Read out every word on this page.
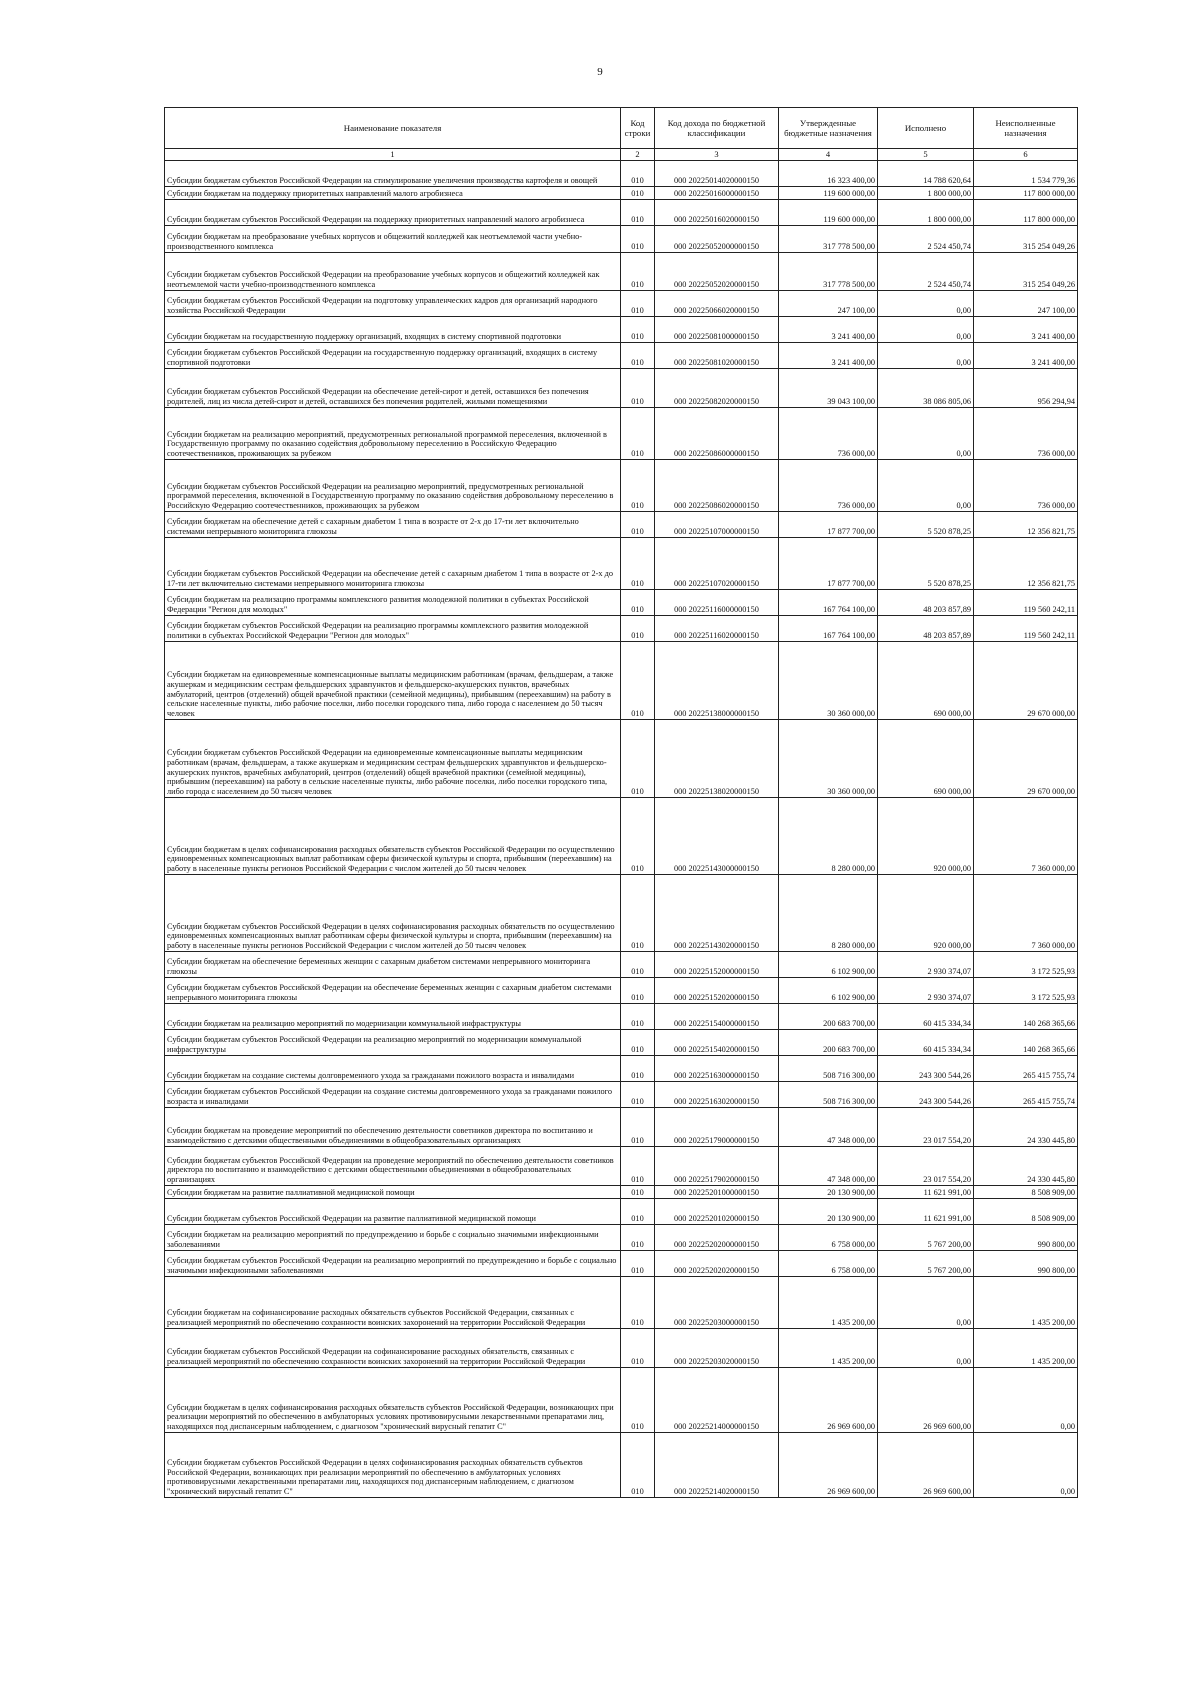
9
Наименование показателя	Код строки	Код дохода по бюджетной классификации	Утвержденные бюджетные назначения	Исполнено	Неисполненные назначения
1	2	3	4	5	6
Субсидии бюджетам субъектов Российской Федерации на стимулирование увеличения производства картофеля и овощей	010	000 20225014020000150	16 323 400,00	14 788 620,64	1 534 779,36
Субсидии бюджетам на поддержку приоритетных направлений малого агробизнеса	010	000 20225016000000150	119 600 000,00	1 800 000,00	117 800 000,00
Субсидии бюджетам субъектов Российской Федерации на поддержку приоритетных направлений малого агробизнеса	010	000 20225016020000150	119 600 000,00	1 800 000,00	117 800 000,00
Субсидии бюджетам на преобразование учебных корпусов и общежитий колледжей как неотъемлемой части учебно-производственного комплекса	010	000 20225052000000150	317 778 500,00	2 524 450,74	315 254 049,26
Субсидии бюджетам субъектов Российской Федерации на преобразование учебных корпусов и общежитий колледжей как неотъемлемой части учебно-производственного комплекса	010	000 20225052020000150	317 778 500,00	2 524 450,74	315 254 049,26
Субсидии бюджетам субъектов Российской Федерации на подготовку управленческих кадров для организаций народного хозяйства Российской Федерации	010	000 20225066020000150	247 100,00	0,00	247 100,00
Субсидии бюджетам на государственную поддержку организаций, входящих в систему спортивной подготовки	010	000 20225081000000150	3 241 400,00	0,00	3 241 400,00
Субсидии бюджетам субъектов Российской Федерации на государственную поддержку организаций, входящих в систему спортивной подготовки	010	000 20225081020000150	3 241 400,00	0,00	3 241 400,00
Субсидии бюджетам субъектов Российской Федерации на обеспечение детей-сирот и детей, оставшихся без попечения родителей, лиц из числа детей-сирот и детей, оставшихся без попечения родителей, жилыми помещениями	010	000 20225082020000150	39 043 100,00	38 086 805,06	956 294,94
Субсидии бюджетам на реализацию мероприятий, предусмотренных региональной программой переселения, включенной в Государственную программу по оказанию содействия добровольному переселению в Российскую Федерацию соотечественников, проживающих за рубежом	010	000 20225086000000150	736 000,00	0,00	736 000,00
Субсидии бюджетам субъектов Российской Федерации на реализацию мероприятий, предусмотренных региональной программой переселения, включенной в Государственную программу по оказанию содействия добровольному переселению в Российскую Федерацию соотечественников, проживающих за рубежом	010	000 20225086020000150	736 000,00	0,00	736 000,00
Субсидии бюджетам на обеспечение детей с сахарным диабетом 1 типа в возрасте от 2-х до 17-ти лет включительно системами непрерывного мониторинга глюкозы	010	000 20225107000000150	17 877 700,00	5 520 878,25	12 356 821,75
Субсидии бюджетам субъектов Российской Федерации на обеспечение детей с сахарным диабетом 1 типа в возрасте от 2-х до 17-ти лет включительно системами непрерывного мониторинга глюкозы	010	000 20225107020000150	17 877 700,00	5 520 878,25	12 356 821,75
Субсидии бюджетам на реализацию программы комплексного развития молодежной политики в субъектах Российской Федерации "Регион для молодых"	010	000 20225116000000150	167 764 100,00	48 203 857,89	119 560 242,11
Субсидии бюджетам субъектов Российской Федерации на реализацию программы комплексного развития молодежной политики в субъектах Российской Федерации "Регион для молодых"	010	000 20225116020000150	167 764 100,00	48 203 857,89	119 560 242,11
Субсидии бюджетам на единовременные компенсационные выплаты медицинским работникам (врачам, фельдшерам, а также акушеркам и медицинским сестрам фельдшерских здравпунктов и фельдшерско-акушерских пунктов, врачебных амбулаторий, центров (отделений) общей врачебной практики (семейной медицины), прибывшим (переехавшим) на работу в сельские населенные пункты, либо рабочие поселки, либо поселки городского типа, либо города с населением до 50 тысяч человек	010	000 20225138000000150	30 360 000,00	690 000,00	29 670 000,00
Субсидии бюджетам субъектов Российской Федерации на единовременные компенсационные выплаты медицинским работникам (врачам, фельдшерам, а также акушеркам и медицинским сестрам фельдшерских здравпунктов и фельдшерско-акушерских пунктов, врачебных амбулаторий, центров (отделений) общей врачебной практики (семейной медицины), прибывшим (переехавшим) на работу в сельские населенные пункты, либо рабочие поселки, либо поселки городского типа, либо города с населением до 50 тысяч человек	010	000 20225138020000150	30 360 000,00	690 000,00	29 670 000,00
Субсидии бюджетам в целях софинансирования расходных обязательств субъектов Российской Федерации по осуществлению единовременных компенсационных выплат работникам сферы физической культуры и спорта, прибывшим (переехавшим) на работу в населенные пункты регионов Российской Федерации с числом жителей до 50 тысяч человек	010	000 20225143000000150	8 280 000,00	920 000,00	7 360 000,00
Субсидии бюджетам субъектов Российской Федерации в целях софинансирования расходных обязательств по осуществлению единовременных компенсационных выплат работникам сферы физической культуры и спорта, прибывшим (переехавшим) на работу в населенные пункты регионов Российской Федерации с числом жителей до 50 тысяч человек	010	000 20225143020000150	8 280 000,00	920 000,00	7 360 000,00
Субсидии бюджетам на обеспечение беременных женщин с сахарным диабетом системами непрерывного мониторинга глюкозы	010	000 20225152000000150	6 102 900,00	2 930 374,07	3 172 525,93
Субсидии бюджетам субъектов Российской Федерации на обеспечение беременных женщин с сахарным диабетом системами непрерывного мониторинга глюкозы	010	000 20225152020000150	6 102 900,00	2 930 374,07	3 172 525,93
Субсидии бюджетам на реализацию мероприятий по модернизации коммунальной инфраструктуры	010	000 20225154000000150	200 683 700,00	60 415 334,34	140 268 365,66
Субсидии бюджетам субъектов Российской Федерации на реализацию мероприятий по модернизации коммунальной инфраструктуры	010	000 20225154020000150	200 683 700,00	60 415 334,34	140 268 365,66
Субсидии бюджетам на создание системы долговременного ухода за гражданами пожилого возраста и инвалидами	010	000 20225163000000150	508 716 300,00	243 300 544,26	265 415 755,74
Субсидии бюджетам субъектов Российской Федерации на создание системы долговременного ухода за гражданами пожилого возраста и инвалидами	010	000 20225163020000150	508 716 300,00	243 300 544,26	265 415 755,74
Субсидии бюджетам на проведение мероприятий по обеспечению деятельности советников директора по воспитанию и взаимодействию с детскими общественными объединениями в общеобразовательных организациях	010	000 20225179000000150	47 348 000,00	23 017 554,20	24 330 445,80
Субсидии бюджетам субъектов Российской Федерации на проведение мероприятий по обеспечению деятельности советников директора по воспитанию и взаимодействию с детскими общественными объединениями в общеобразовательных организациях	010	000 20225179020000150	47 348 000,00	23 017 554,20	24 330 445,80
Субсидии бюджетам на развитие паллиативной медицинской помощи	010	000 20225201000000150	20 130 900,00	11 621 991,00	8 508 909,00
Субсидии бюджетам субъектов Российской Федерации на развитие паллиативной медицинской помощи	010	000 20225201020000150	20 130 900,00	11 621 991,00	8 508 909,00
Субсидии бюджетам на реализацию мероприятий по предупреждению и борьбе с социально значимыми инфекционными заболеваниями	010	000 20225202000000150	6 758 000,00	5 767 200,00	990 800,00
Субсидии бюджетам субъектов Российской Федерации на реализацию мероприятий по предупреждению и борьбе с социально значимыми инфекционными заболеваниями	010	000 20225202020000150	6 758 000,00	5 767 200,00	990 800,00
Субсидии бюджетам на софинансирование расходных обязательств субъектов Российской Федерации, связанных с реализацией мероприятий по обеспечению сохранности воинских захоронений на территории Российской Федерации	010	000 20225203000000150	1 435 200,00	0,00	1 435 200,00
Субсидии бюджетам субъектов Российской Федерации на софинансирование расходных обязательств, связанных с реализацией мероприятий по обеспечению сохранности воинских захоронений на территории Российской Федерации	010	000 20225203020000150	1 435 200,00	0,00	1 435 200,00
Субсидии бюджетам в целях софинансирования расходных обязательств субъектов Российской Федерации, возникающих при реализации мероприятий по обеспечению в амбулаторных условиях противовирусными лекарственными препаратами лиц, находящихся под диспансерным наблюдением, с диагнозом "хронический вирусный гепатит С"	010	000 20225214000000150	26 969 600,00	26 969 600,00	0,00
Субсидии бюджетам субъектов Российской Федерации в целях софинансирования расходных обязательств субъектов Российской Федерации, возникающих при реализации мероприятий по обеспечению в амбулаторных условиях противовирусными лекарственными препаратами лиц, находящихся под диспансерным наблюдением, с диагнозом "хронический вирусный гепатит С"	010	000 20225214020000150	26 969 600,00	26 969 600,00	0,00
